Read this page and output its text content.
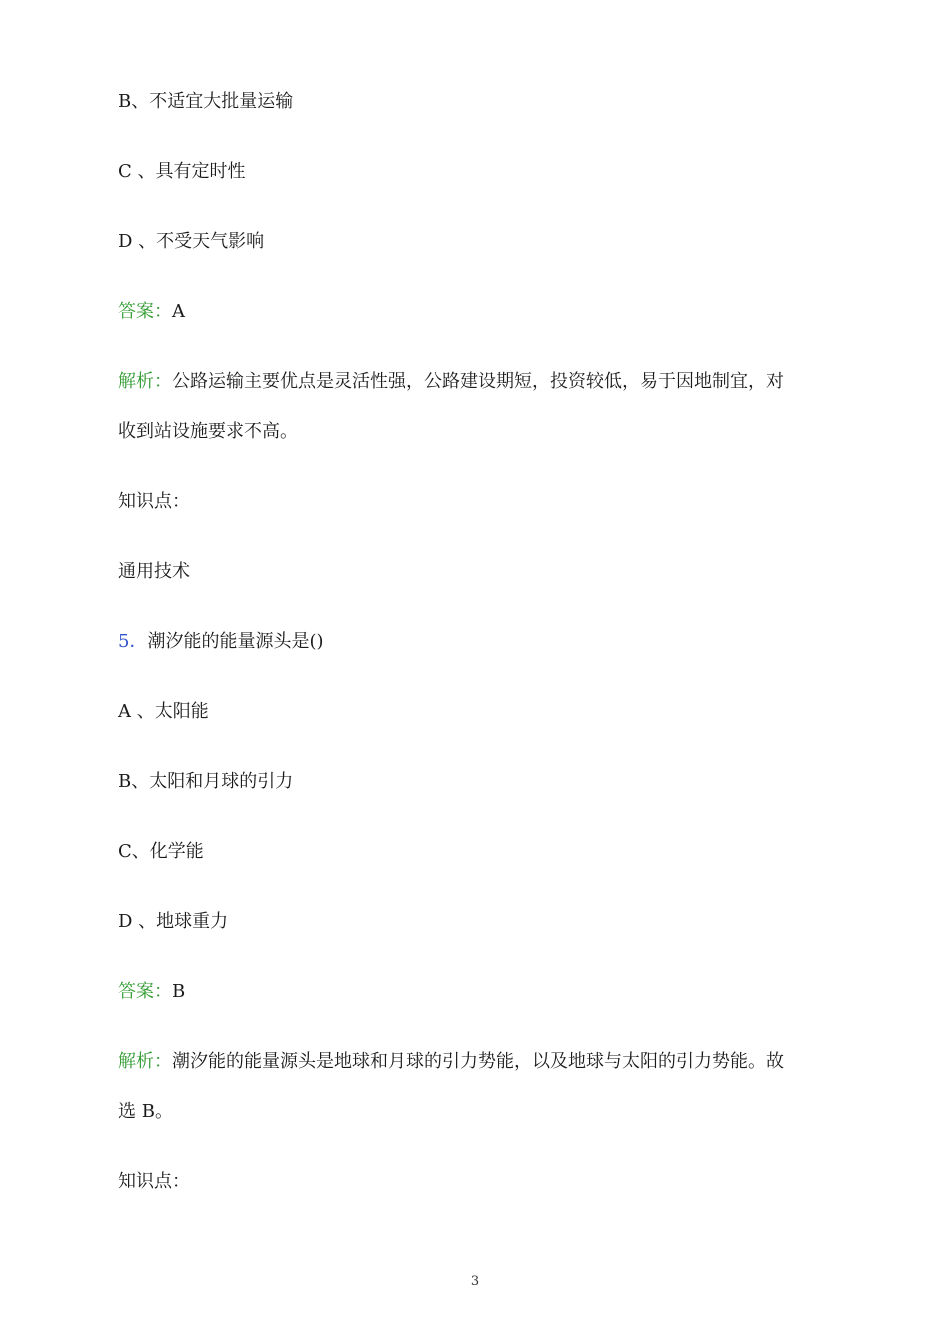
B、不适宜大批量运输
C 、具有定时性
D 、不受天气影响
答案：A
解析：公路运输主要优点是灵活性强，公路建设期短，投资较低，易于因地制宜，对
收到站设施要求不高。
知识点：
通用技术
5．潮汐能的能量源头是()
A 、太阳能
B、太阳和月球的引力
C、化学能
D 、地球重力
答案：B
解析：潮汐能的能量源头是地球和月球的引力势能，以及地球与太阳的引力势能。故
选 B。
知识点：
3
